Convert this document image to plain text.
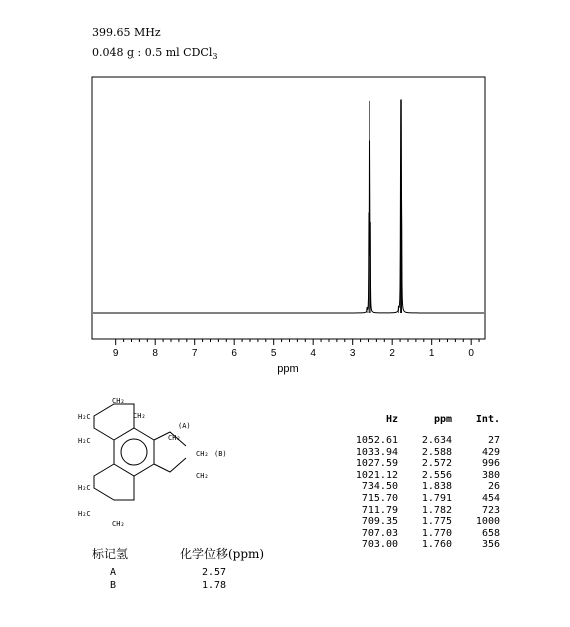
399.65 MHz
0.048 g : 0.5 ml CDCl$_3$
9	8	7	6	5	4	3	2	1	0
ppm
H₂C
CH₂
H₂C
(A)
CH₂
CH₂
CH₂ (B)
CH₂
H₂C
H₂C
CH₂
Hz	ppm	Int.
1052.61	2.634	27
1033.94	2.588	429
1027.59	2.572	996
1021.12	2.556	380
734.50	1.838	26
715.70	1.791	454
711.79	1.782	723
709.35	1.775	1000
707.03	1.770	658
703.00	1.760	356
标记氢	化学位移(ppm)
A	2.57
B	1.78
